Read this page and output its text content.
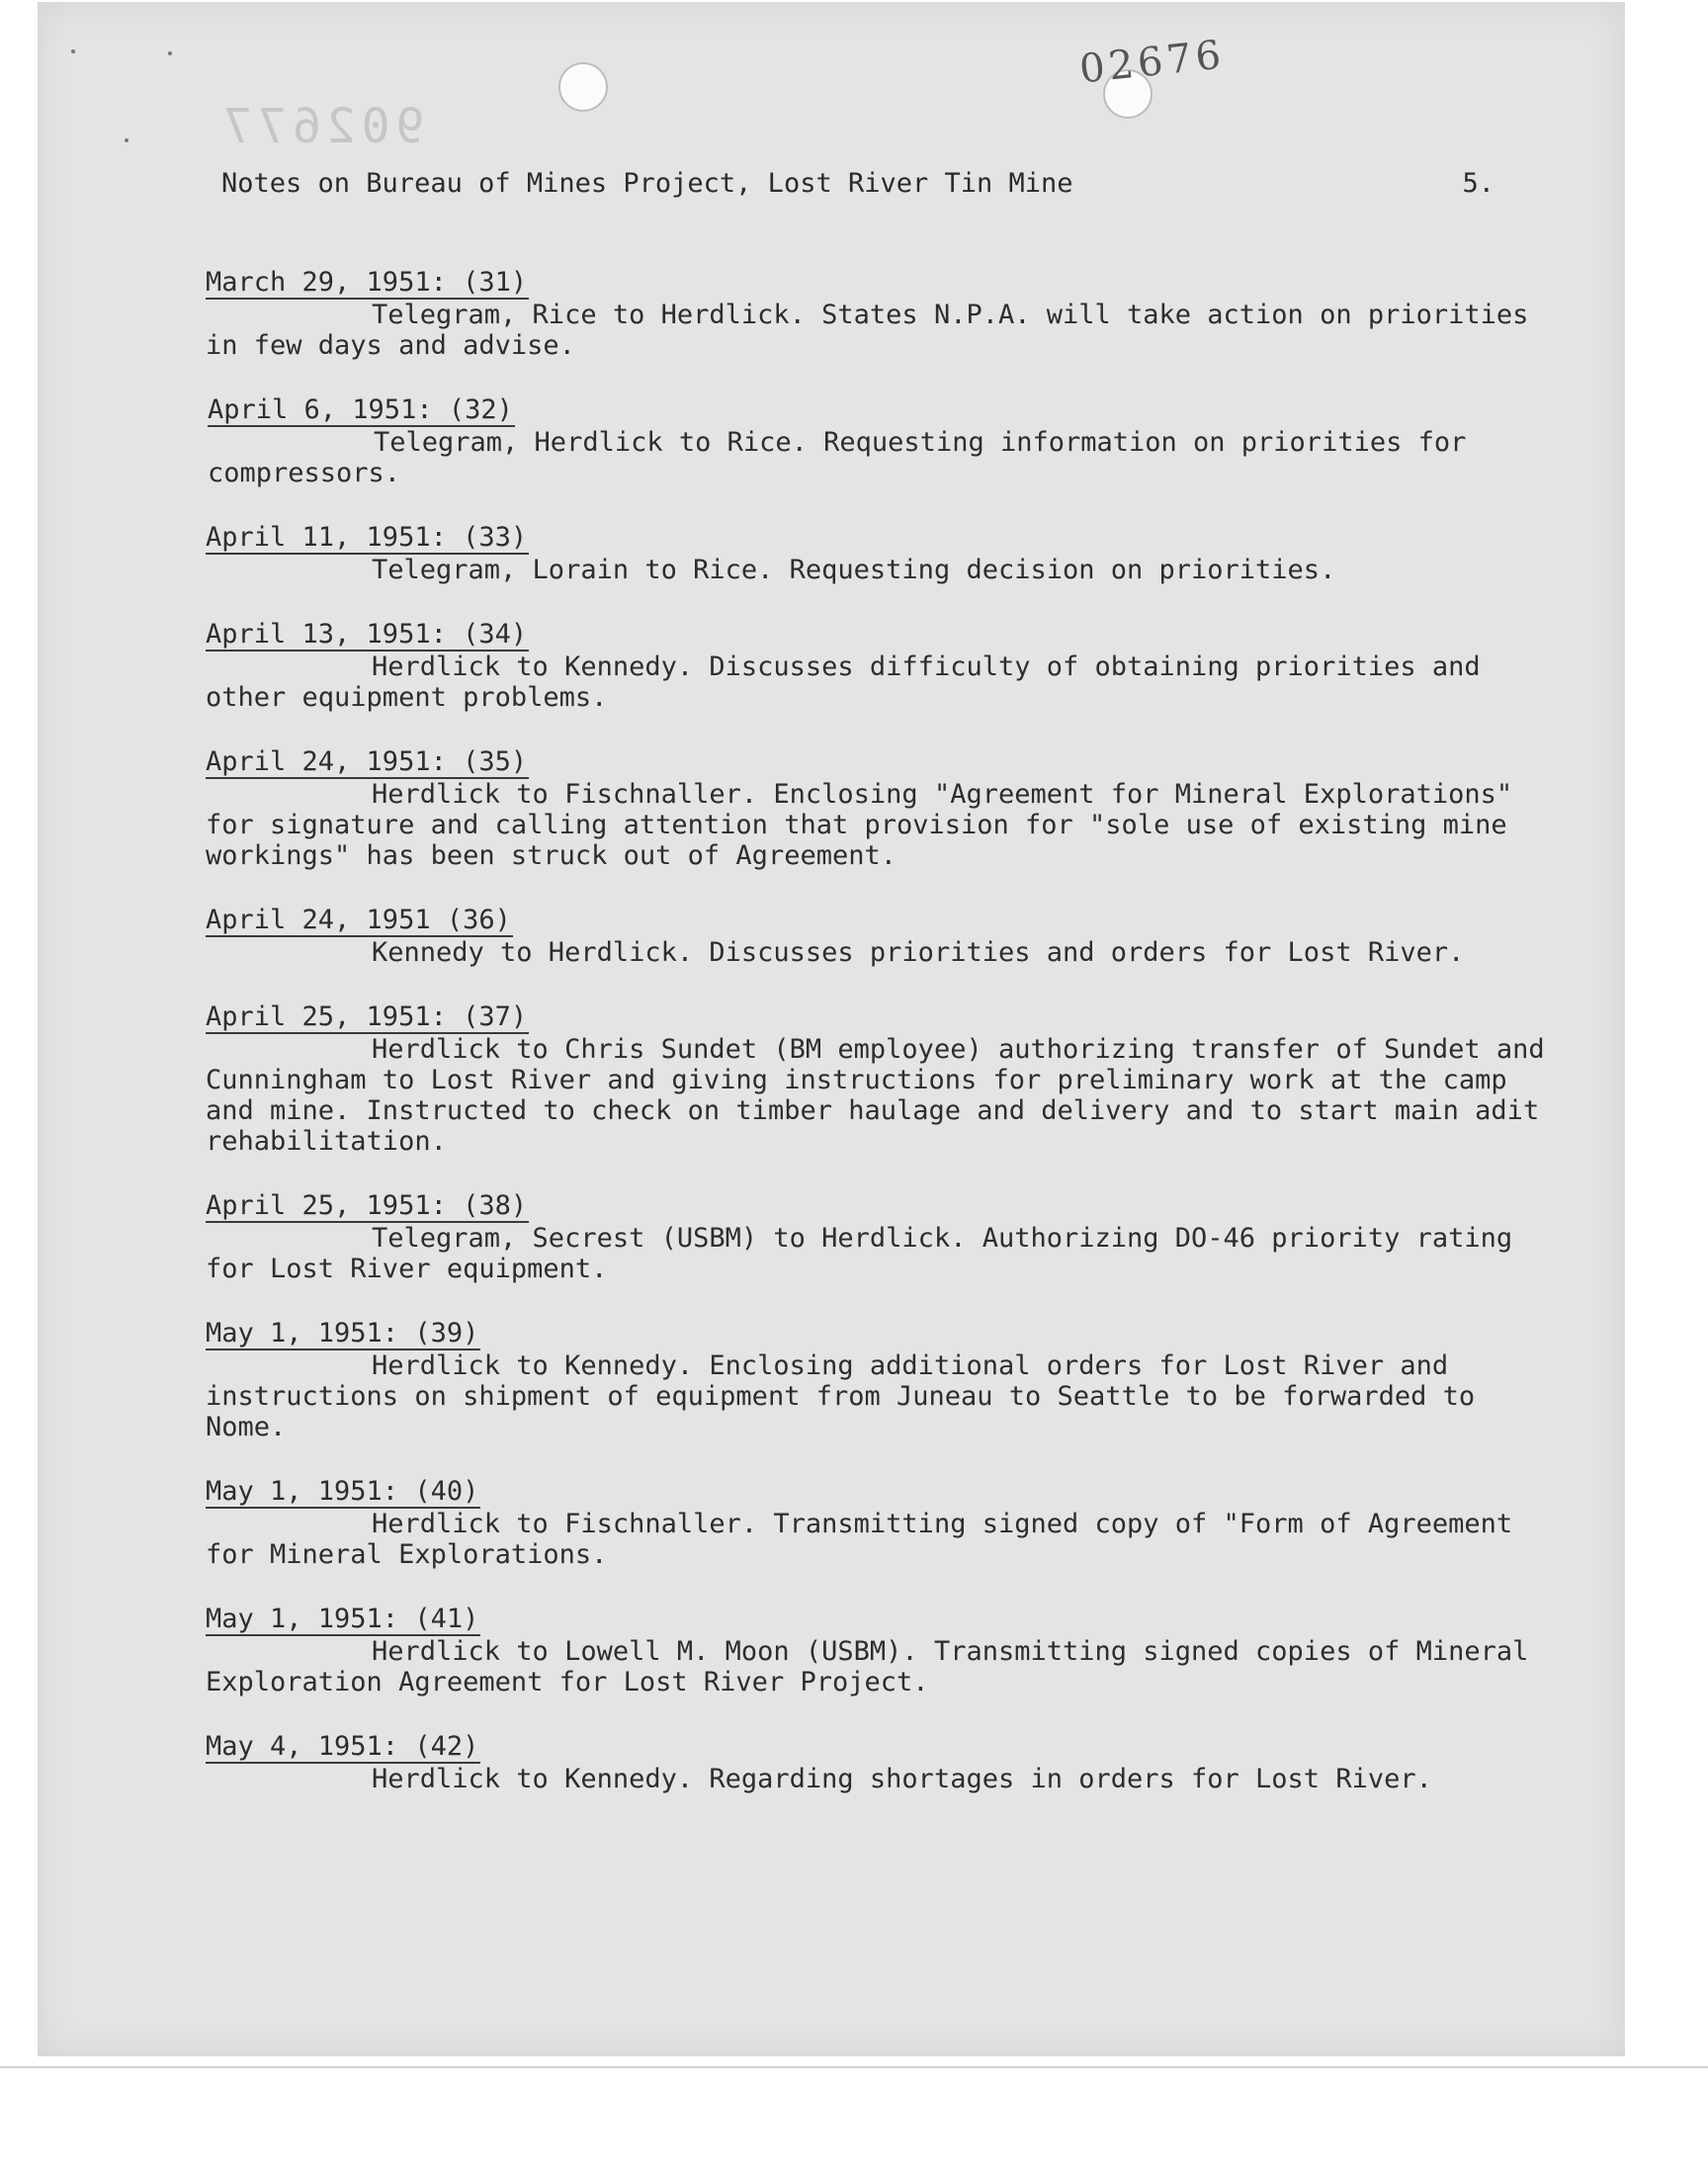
902677
02676
Notes on Bureau of Mines Project, Lost River Tin Mine	5.
March 29, 1951: (31)

Telegram, Rice to Herdlick. States N.P.A. will take action on priorities in few days and advise.

April 6, 1951: (32)

Telegram, Herdlick to Rice. Requesting information on priorities for compressors.

April 11, 1951: (33)

Telegram, Lorain to Rice. Requesting decision on priorities.

April 13, 1951: (34)

Herdlick to Kennedy. Discusses difficulty of obtaining priorities and other equipment problems.

April 24, 1951: (35)

Herdlick to Fischnaller. Enclosing "Agreement for Mineral Explorations" for signature and calling attention that provision for "sole use of existing mine workings" has been struck out of Agreement.

April 24, 1951 (36)

Kennedy to Herdlick. Discusses priorities and orders for Lost River.

April 25, 1951: (37)

Herdlick to Chris Sundet (BM employee) authorizing transfer of Sundet and Cunningham to Lost River and giving instructions for preliminary work at the camp and mine. Instructed to check on timber haulage and delivery and to start main adit rehabilitation.

April 25, 1951: (38)

Telegram, Secrest (USBM) to Herdlick. Authorizing DO-46 priority rating for Lost River equipment.

May 1, 1951: (39)

Herdlick to Kennedy. Enclosing additional orders for Lost River and instructions on shipment of equipment from Juneau to Seattle to be forwarded to Nome.

May 1, 1951: (40)

Herdlick to Fischnaller. Transmitting signed copy of "Form of Agreement for Mineral Explorations.

May 1, 1951: (41)

Herdlick to Lowell M. Moon (USBM). Transmitting signed copies of Mineral Exploration Agreement for Lost River Project.

May 4, 1951: (42)

Herdlick to Kennedy. Regarding shortages in orders for Lost River.
